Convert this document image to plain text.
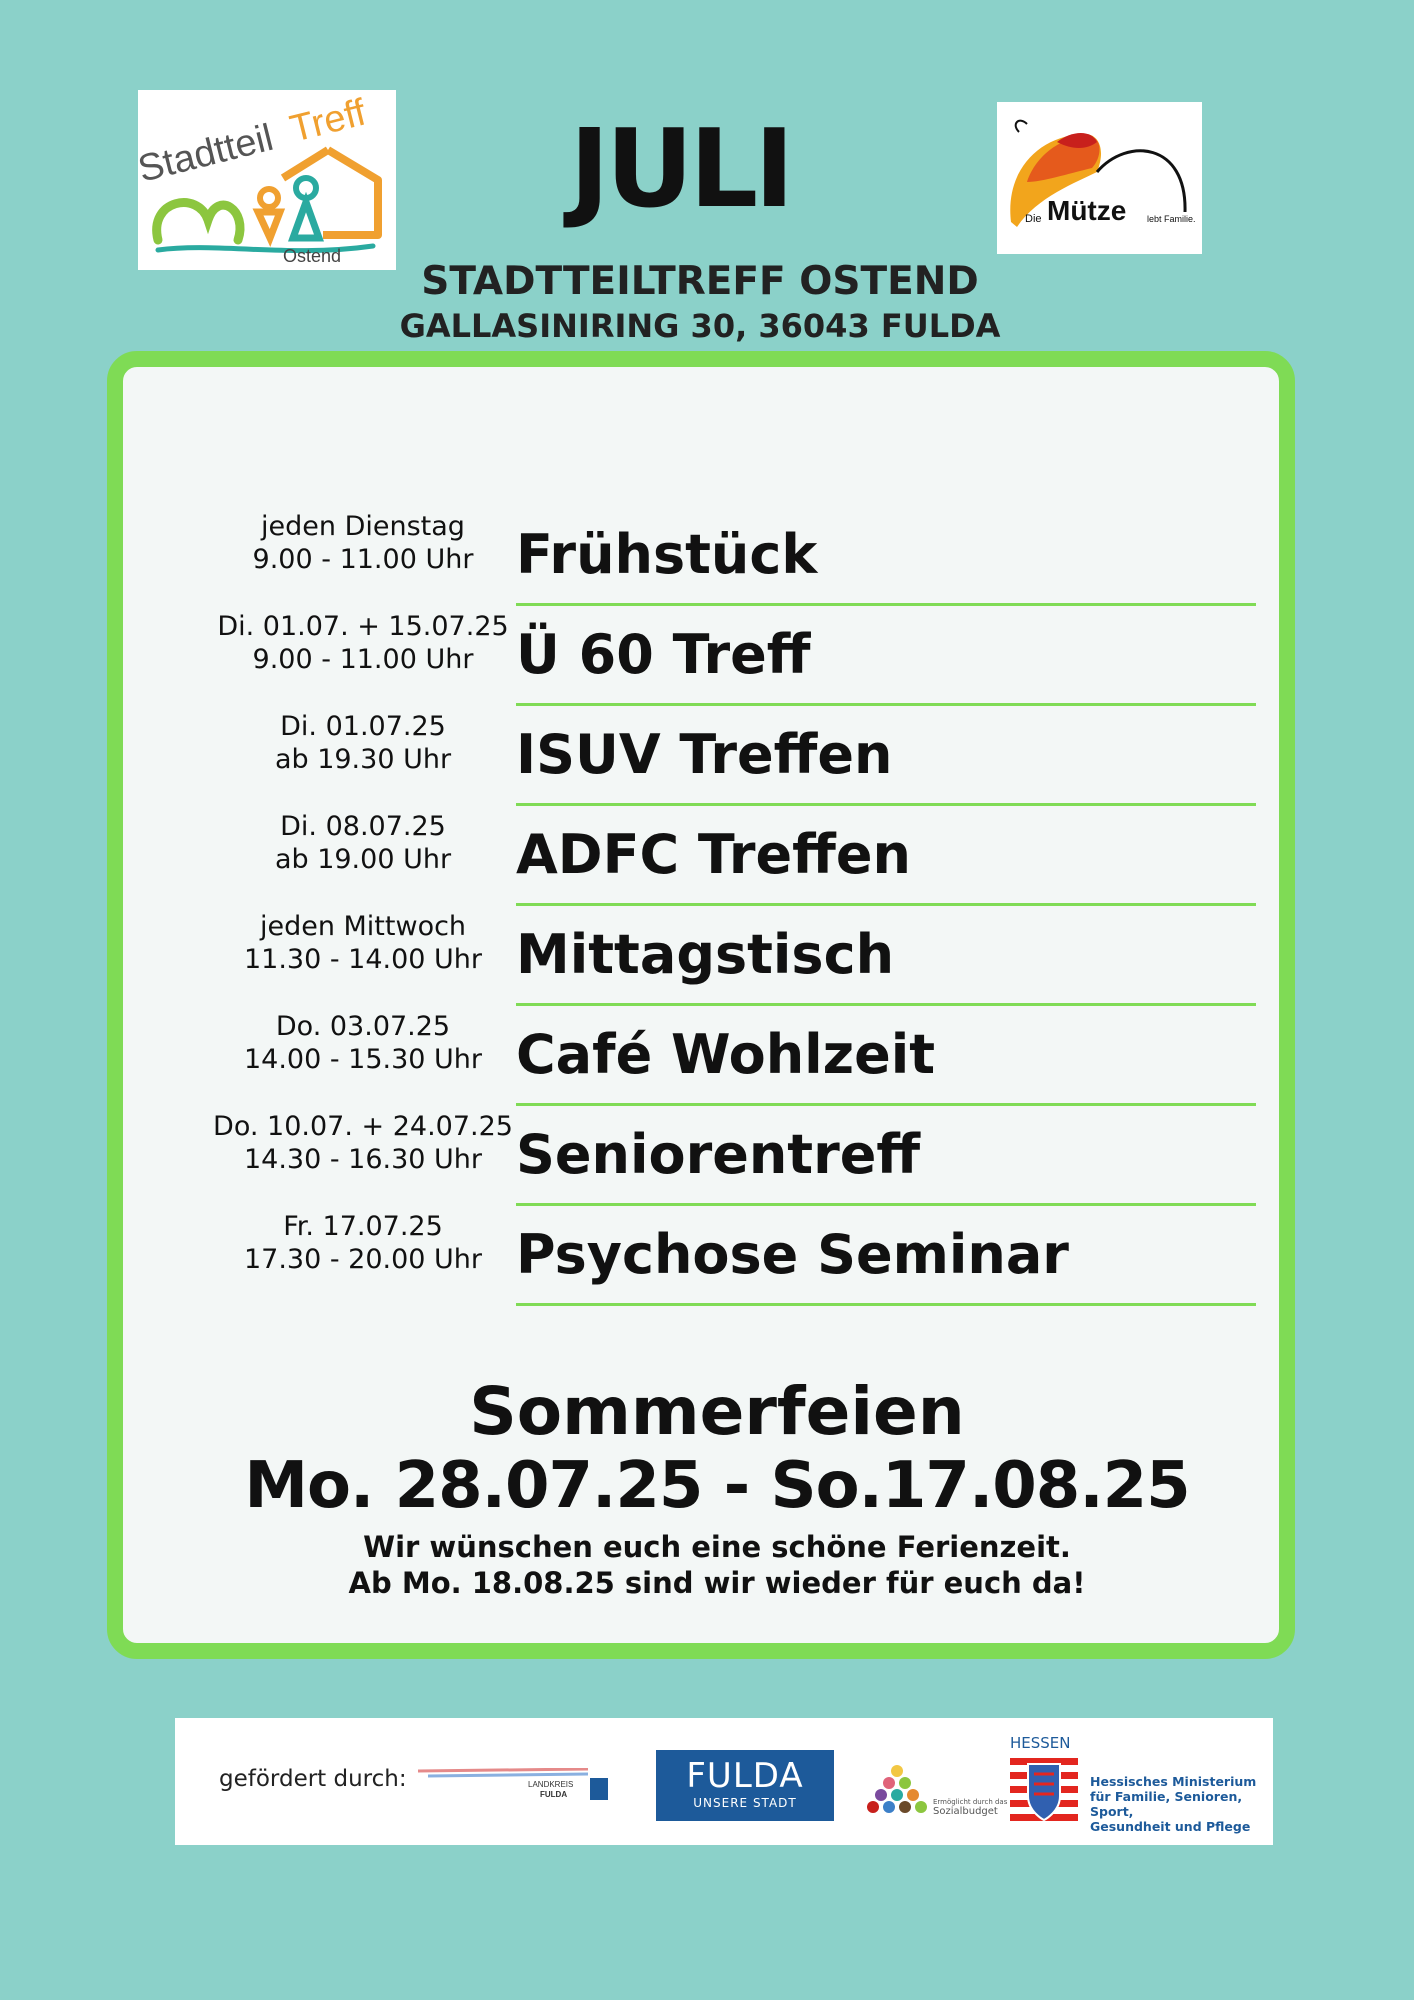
Stadtteil Treff
Ostend
JULI	Die Mütze lebt Familie.
STADTTEILTREFF OSTEND
GALLASINIRING 30, 36043 FULDA
jeden Dienstag
9.00 - 11.00 Uhr Frühstück
Di. 01.07. + 15.07.25
9.00 - 11.00 Uhr Ü 60 Treff
Di. 01.07.25
ab 19.30 Uhr	ISUV Treffen
Di. 08.07.25
ab 19.00 Uhr	ADFC Treffen
jeden Mittwoch
11.30 - 14.00 Uhr Mittagstisch
Do. 03.07.25
14.00 - 15.30 Uhr Café Wohlzeit
Do. 10.07. + 24.07.25
14.30 - 16.30 Uhr Seniorentreff
Fr. 17.07.25
17.30 - 20.00 Uhr Psychose Seminar
Sommerfeien
Mo. 28.07.25 - So.17.08.25
Wir wünschen euch eine schöne Ferienzeit.
Ab Mo. 18.08.25 sind wir wieder für euch da!
gefördert durch:	LANDKREIS
FULDA	FULDA
UNSERE STADT	Ermöglicht durch das
Sozialbudget
HESSEN
Hessisches Ministerium
für Familie, Senioren, Sport,
Gesundheit und Pflege
